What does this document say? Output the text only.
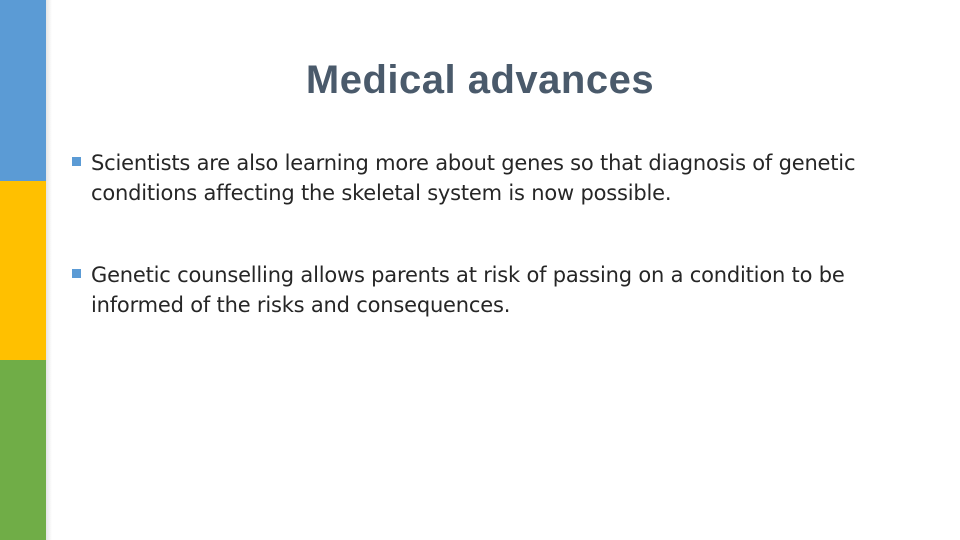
Medical advances
Scientists are also learning more about genes so that diagnosis of genetic conditions affecting the skeletal system is now possible.
Genetic counselling allows parents at risk of passing on a condition to be informed of the risks and consequences.
